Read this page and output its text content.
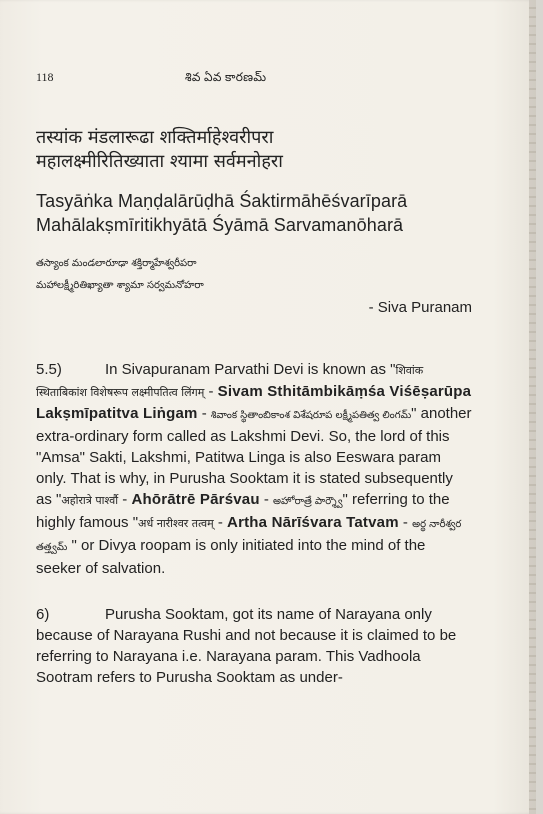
118	శివ ఏవ కారణమ్

तस्यांक मंडलारूढा शक्तिर्माहेश्वरीपरा

महालक्ष्मीरितिख्याता श्यामा सर्वमनोहरा

Tasyāṅka Maṇḍalārūḍhā Śaktirmāhēśvarīparā

Mahālakṣmīritikhyātā Śyāmā Sarvamanōharā

తస్యాంక మండలారూఢా శక్తిర్మాహేశ్వరీపరా

మహాలక్ష్మీరితిఖ్యాతా శ్యామా సర్వమనోహరా

- Siva Puranam

5.5)	In Sivapuranam Parvathi Devi is known as "शिवांक स्थिताबिकांश विशेषरूप लक्ष्मीपतित्व लिंगम् - Sivam Sthitāmbikāṃśa Viśēṣarūpa Lakṣmīpatitva Liṅgam - శివాంక స్థితాంబికాంశ విశేషరూప లక్ష్మీపతిత్వ లింగమ్" another extra-ordinary form called as Lakshmi Devi. So, the lord of this "Amsa" Sakti, Lakshmi, Patitwa Linga is also Eeswara param only. That is why, in Purusha Sooktam it is stated subsequently as "अहोरात्रे पार्श्वौ - Ahōrātrē Pārśvau - అహోరాత్రే పార్శ్వౌ" referring to the highly famous "अर्ध नारीश्वर तत्वम् - Artha Nārīśvara Tatvam - అర్థ నారీశ్వర తత్త్వమ్ " or Divya roopam is only initiated into the mind of the seeker of salvation.

6)	Purusha Sooktam, got its name of Narayana only because of Narayana Rushi and not because it is claimed to be referring to Narayana i.e. Narayana param. This Vadhoola Sootram refers to Purusha Sooktam as under-
